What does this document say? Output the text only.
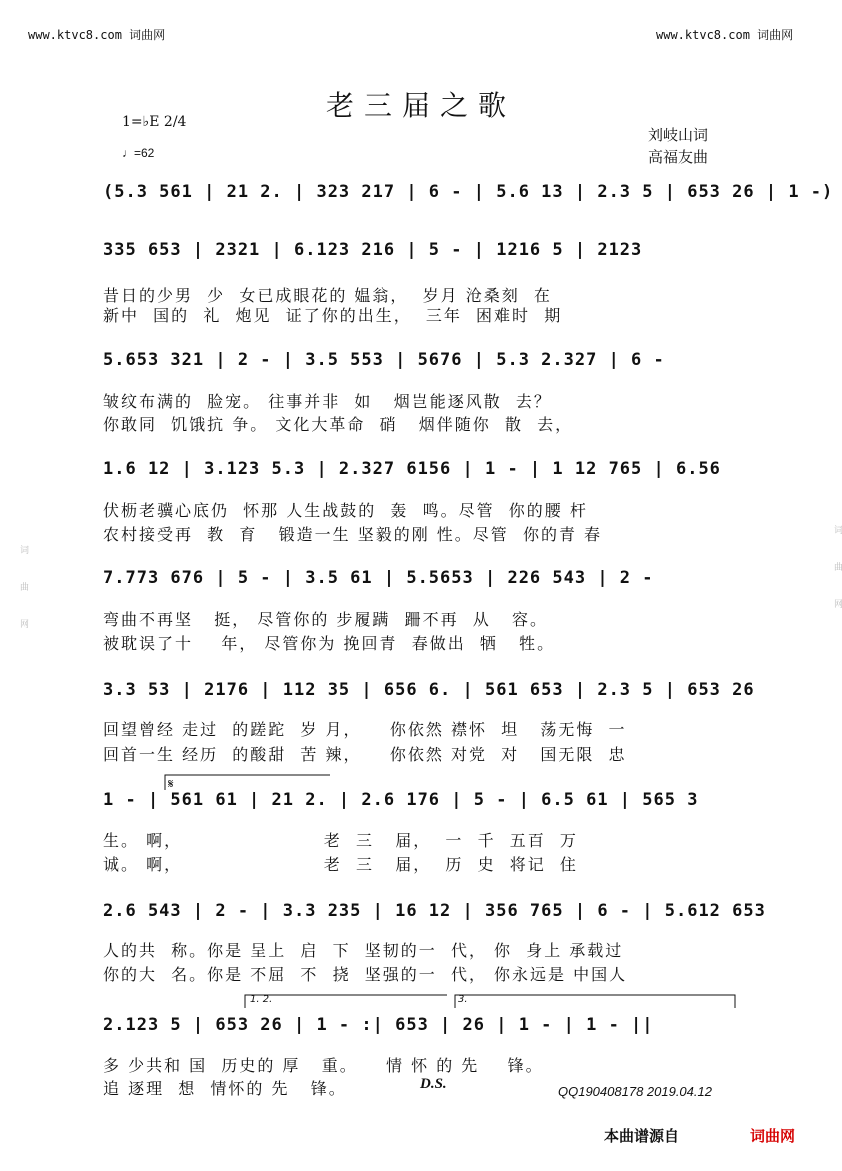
词曲网	词曲网
www.ktvc8.com 词曲网	www.ktvc8.com 词曲网
老三届之歌
1=♭E 2/4
♩=62
刘岐山词
高福友曲
(5.3 561 | 21 2. | 323 217 | 6 - | 5.6 13 | 2.3 5 | 653 26 | 1 -)
335 653 | 2321 | 6.123 216 | 5 - | 1216 5 | 2123
昔日的少男  少  女已成眼花的 媪翁，  岁月 沧桑刻  在
新中  国的  礼  炮见  证了你的出生，  三年  困难时  期
5.653 321 | 2 - | 3.5 553 | 5676 | 5.3 2.327 | 6 -
皱纹布满的  脸宠。 往事并非  如   烟岂能逐风散  去？
你敢同  饥饿抗 争。 文化大革命  硝   烟伴随你  散  去，
1.6 12 | 3.123 5.3 | 2.327 6156 | 1 - | 1 12 765 | 6.56
伏枥老骥心底仍  怀那 人生战鼓的  轰  鸣。尽管  你的腰 杆
农村接受再  教  育   锻造一生 坚毅的刚 性。尽管  你的青 春
7.773 676 | 5 - | 3.5 61 | 5.5653 | 226 543 | 2 -
弯曲不再坚   挺， 尽管你的 步履蹒  跚不再  从   容。
被耽误了十    年， 尽管你为 挽回青  春做出  牺   牲。
3.3 53 | 2176 | 112 35 | 656 6. | 561 653 | 2.3 5 | 653 26
回望曾经 走过  的蹉跎  岁 月，    你依然 襟怀  坦   荡无悔  一
回首一生 经历  的酸甜  苦 辣，    你依然 对党  对   国无限  忠
1 - | 561 61 | 21 2. | 2.6 176 | 5 - | 6.5 61 | 565 3
生。 啊，                    老  三   届，  一  千  五百  万
诚。 啊，                    老  三   届，  历  史  将记  住
2.6 543 | 2 - | 3.3 235 | 16 12 | 356 765 | 6 - | 5.612 653
人的共  称。你是 呈上  启  下  坚韧的一  代， 你  身上 承载过
你的大  名。你是 不屈  不  挠  坚强的一  代， 你永远是 中国人
1. 2.	3.
2.123 5 | 653 26 | 1 - :| 653 | 26 | 1 - | 1 - ||
多 少共和 国  历史的 厚   重。    情 怀 的 先    锋。
追 逐理  想  情怀的 先   锋。	D.S.
𝄋
QQ190408178 2019.04.12
本曲谱源自	词曲网
